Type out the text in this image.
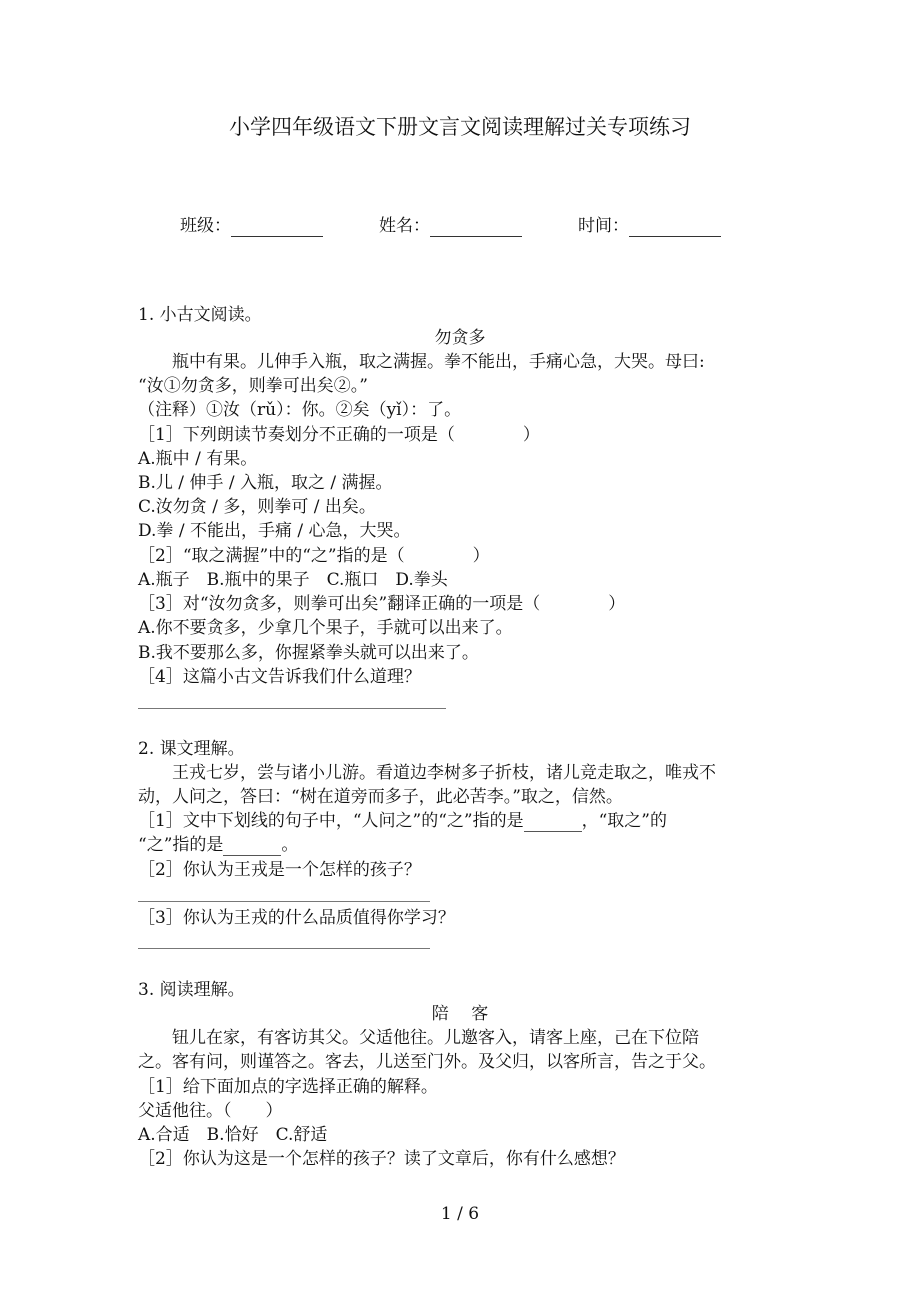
小学四年级语文下册文言文阅读理解过关专项练习
班级：	姓名：	时间：
1. 小古文阅读。
勿贪多
　　瓶中有果。儿伸手入瓶，取之满握。拳不能出，手痛心急，大哭。母曰:
“汝①勿贪多，则拳可出矣②。”
（注释）①汝（rǔ）：你。②矣（yǐ）：了。
［1］下列朗读节奏划分不正确的一项是（　　　　）
A.瓶中 / 有果。
B.儿 / 伸手 / 入瓶，取之 / 满握。
C.汝勿贪 / 多，则拳可 / 出矣。
D.拳 / 不能出，手痛 / 心急，大哭。
［2］“取之满握”中的“之”指的是（　　　　）
A.瓶子　B.瓶中的果子　C.瓶口　D.拳头
［3］对“汝勿贪多，则拳可出矣”翻译正确的一项是（　　　　）
A.你不要贪多，少拿几个果子，手就可以出来了。
B.我不要那么多，你握紧拳头就可以出来了。
［4］这篇小古文告诉我们什么道理？
2. 课文理解。
　　王戎七岁，尝与诸小儿游。看道边李树多子折枝，诸儿竞走取之，唯戎不
动，人问之，答曰：“树在道旁而多子，此必苦李。”取之，信然。
［1］文中下划线的句子中，“人问之”的“之”指的是	，“取之”的
“之”指的是	。
［2］你认为王戎是一个怎样的孩子？
［3］你认为王戎的什么品质值得你学习？
3. 阅读理解。
陪　 客
　　钮儿在家，有客访其父。父适他往。儿邀客入，请客上座，己在下位陪
之。客有问，则谨答之。客去，儿送至门外。及父归，以客所言，告之于父。
［1］给下面加点的字选择正确的解释。
父适他往。（　　）
A.合适　B.恰好　C.舒适
［2］你认为这是一个怎样的孩子？读了文章后，你有什么感想？
1 / 6
